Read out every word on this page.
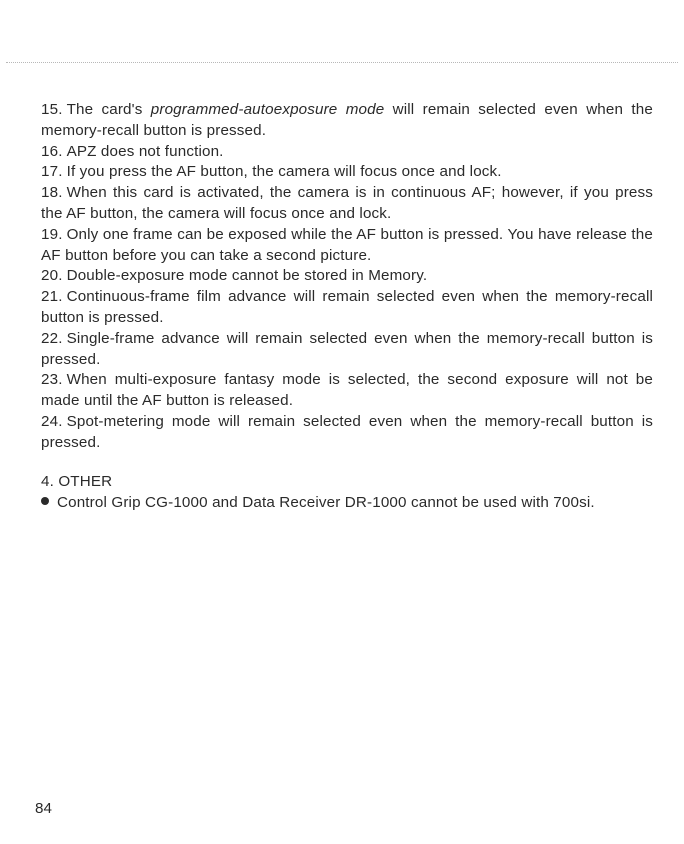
15. The card's programmed-autoexposure mode will remain selected even when the memory-recall button is pressed.

16. APZ does not function.

17. If you press the AF button, the camera will focus once and lock.

18. When this card is activated, the camera is in continuous AF; however, if you press the AF button, the camera will focus once and lock.

19. Only one frame can be exposed while the AF button is pressed. You have release the AF button before you can take a second picture.

20. Double-exposure mode cannot be stored in Memory.

21. Continuous-frame film advance will remain selected even when the memory-recall button is pressed.

22. Single-frame advance will remain selected even when the memory-recall button is pressed.

23. When multi-exposure fantasy mode is selected, the second exposure will not be made until the AF button is released.

24. Spot-metering mode will remain selected even when the memory-recall button is pressed.

4. OTHER

Control Grip CG-1000 and Data Receiver DR-1000 cannot be used with 700si.

84
